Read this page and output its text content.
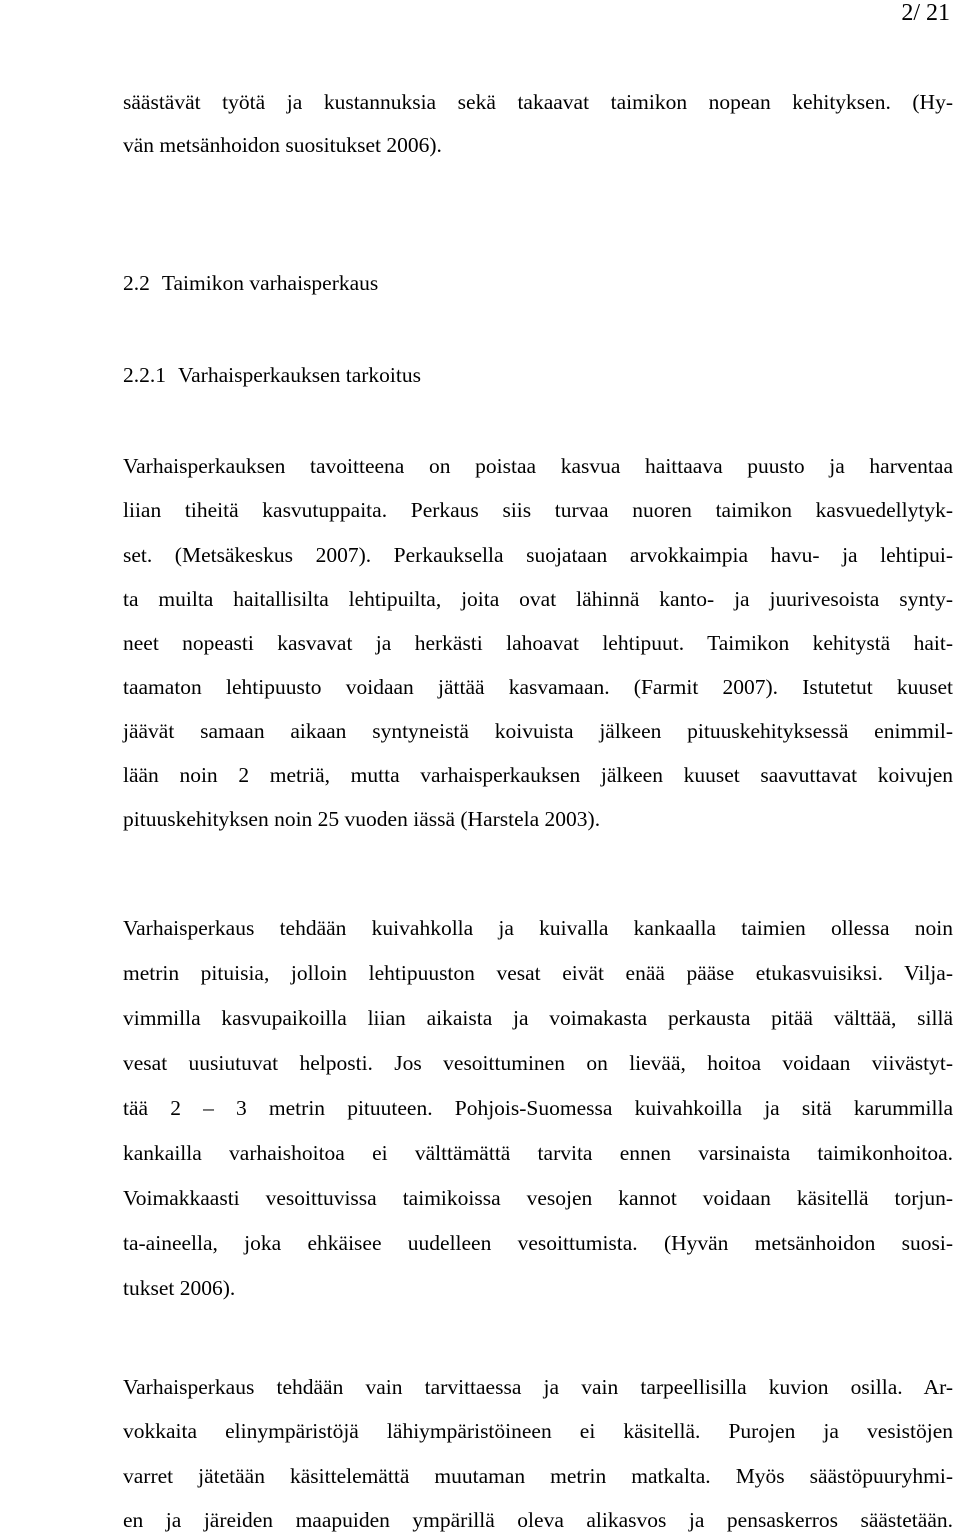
2/ 21
säästävät työtä ja kustannuksia sekä takaavat taimikon nopean kehityksen. (Hy-
vän metsänhoidon suositukset 2006).
2.2 Taimikon varhaisperkaus
2.2.1 Varhaisperkauksen tarkoitus
Varhaisperkauksen tavoitteena on poistaa kasvua haittaava puusto ja harventaa
liian tiheitä kasvutuppaita. Perkaus siis turvaa nuoren taimikon kasvuedellytyk-
set. (Metsäkeskus 2007). Perkauksella suojataan arvokkaimpia havu- ja lehtipui-
ta muilta haitallisilta lehtipuilta, joita ovat lähinnä kanto- ja juurivesoista synty-
neet nopeasti kasvavat ja herkästi lahoavat lehtipuut. Taimikon kehitystä hait-
taamaton lehtipuusto voidaan jättää kasvamaan. (Farmit 2007). Istutetut kuuset
jäävät samaan aikaan syntyneistä koivuista jälkeen pituuskehityksessä enimmil-
lään noin 2 metriä, mutta varhaisperkauksen jälkeen kuuset saavuttavat koivujen
pituuskehityksen noin 25 vuoden iässä (Harstela 2003).
Varhaisperkaus tehdään kuivahkolla ja kuivalla kankaalla taimien ollessa noin
metrin pituisia, jolloin lehtipuuston vesat eivät enää pääse etukasvuisiksi. Vilja-
vimmilla kasvupaikoilla liian aikaista ja voimakasta perkausta pitää välttää, sillä
vesat uusiutuvat helposti. Jos vesoittuminen on lievää, hoitoa voidaan viivästyt-
tää 2 – 3 metrin pituuteen. Pohjois-Suomessa kuivahkoilla ja sitä karummilla
kankailla varhaishoitoa ei välttämättä tarvita ennen varsinaista taimikonhoitoa.
Voimakkaasti vesoittuvissa taimikoissa vesojen kannot voidaan käsitellä torjun-
ta-aineella, joka ehkäisee uudelleen vesoittumista. (Hyvän metsänhoidon suosi-
tukset 2006).
Varhaisperkaus tehdään vain tarvittaessa ja vain tarpeellisilla kuvion osilla. Ar-
vokkaita elinympäristöjä lähiympäristöineen ei käsitellä. Purojen ja vesistöjen
varret jätetään käsittelemättä muutaman metrin matkalta. Myös säästöpuuryhmi-
en ja järeiden maapuiden ympärillä oleva alikasvos ja pensaskerros säästetään.
